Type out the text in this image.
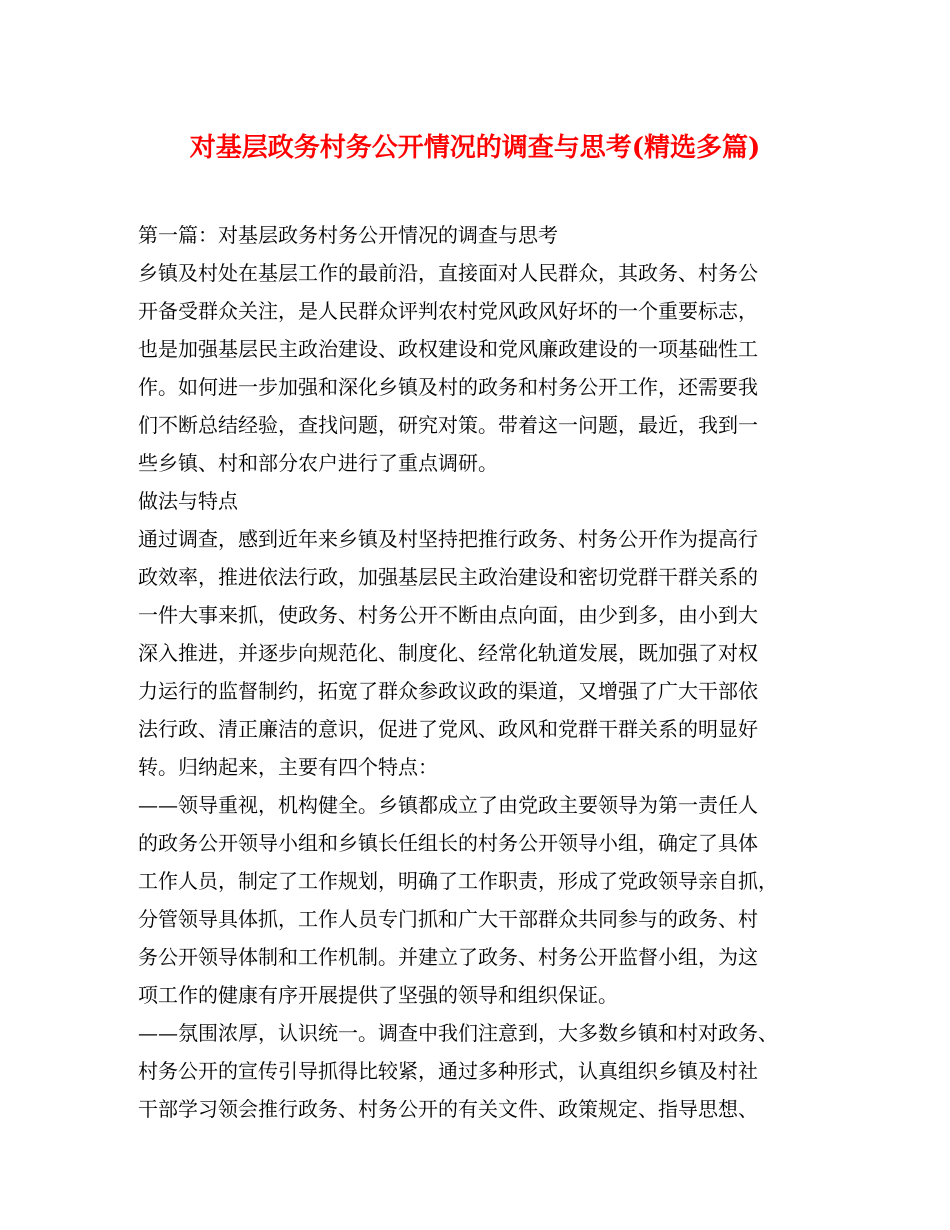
对基层政务村务公开情况的调查与思考(精选多篇)
第一篇：对基层政务村务公开情况的调查与思考
乡镇及村处在基层工作的最前沿，直接面对人民群众，其政务、村务公
开备受群众关注，是人民群众评判农村党风政风好坏的一个重要标志，
也是加强基层民主政治建设、政权建设和党风廉政建设的一项基础性工
作。如何进一步加强和深化乡镇及村的政务和村务公开工作，还需要我
们不断总结经验，查找问题，研究对策。带着这一问题，最近，我到一
些乡镇、村和部分农户进行了重点调研。
做法与特点
通过调查，感到近年来乡镇及村坚持把推行政务、村务公开作为提高行
政效率，推进依法行政，加强基层民主政治建设和密切党群干群关系的
一件大事来抓，使政务、村务公开不断由点向面，由少到多，由小到大
深入推进，并逐步向规范化、制度化、经常化轨道发展，既加强了对权
力运行的监督制约，拓宽了群众参政议政的渠道，又增强了广大干部依
法行政、清正廉洁的意识，促进了党风、政风和党群干群关系的明显好
转。归纳起来，主要有四个特点：
——领导重视，机构健全。乡镇都成立了由党政主要领导为第一责任人
的政务公开领导小组和乡镇长任组长的村务公开领导小组，确定了具体
工作人员，制定了工作规划，明确了工作职责，形成了党政领导亲自抓，
分管领导具体抓，工作人员专门抓和广大干部群众共同参与的政务、村
务公开领导体制和工作机制。并建立了政务、村务公开监督小组，为这
项工作的健康有序开展提供了坚强的领导和组织保证。
——氛围浓厚，认识统一。调查中我们注意到，大多数乡镇和村对政务、
村务公开的宣传引导抓得比较紧，通过多种形式，认真组织乡镇及村社
干部学习领会推行政务、村务公开的有关文件、政策规定、指导思想、
